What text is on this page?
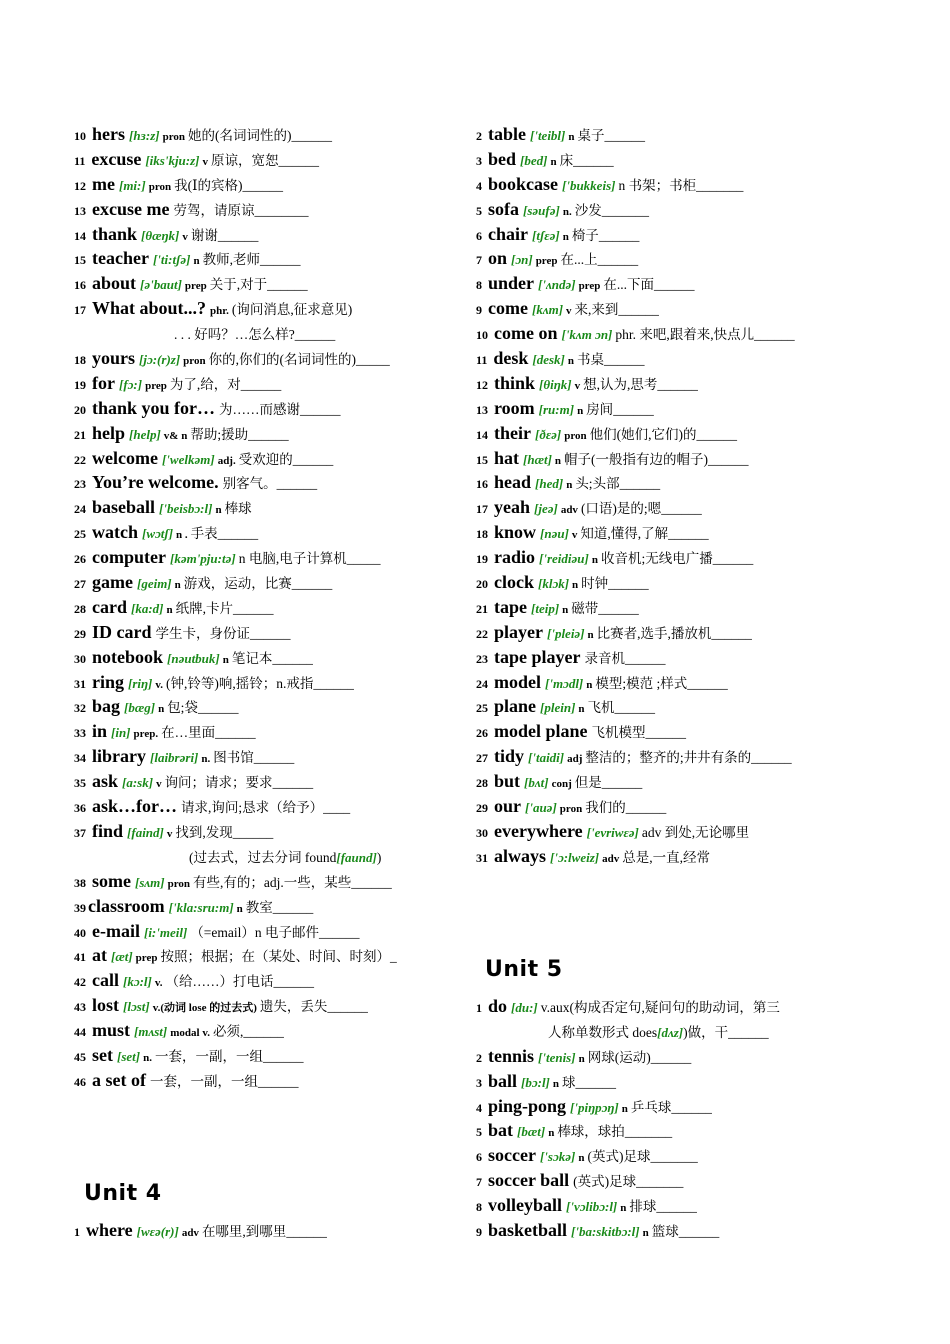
10 hers [hɜ:z] pron 她的(名词词性的) ______
11 excuse [iks'kju:z] v 原谅，宽恕 ______
12 me [mi:] pron 我(Ⅰ的宾格) ______
13 excuse me 劳驾，请原谅 ________
14 thank [θæŋk] v 谢谢 ______
15 teacher ['ti:tʃə] n 教师,老师 ______
16 about [ə'baut] prep 关于,对于 ______
17 What about...? phr. (询问消息,征求意见)
. . . 好吗？…怎么样? ______
18 yours [jɔ:(r)z] pron 你的,你们的(名词词性的) _____
19 for [fɔ:] prep 为了,给，对 ______
20 thank you for… 为……而感谢 ______
21 help [help] v& n 帮助;援助 ______
22 welcome ['welkəm] adj. 受欢迎的 ______
23 You’re welcome. 别客气。 ______
24 baseball ['beisbɔ:l] n 棒球
25 watch [wɔtʃ] n . 手表 ______
26 computer [kəm'pju:tə] n 电脑,电子计算机 _____
27 game [geim] n 游戏，运动，比赛 ______
28 card [kɑ:d] n 纸牌,卡片 ______
29 ID card 学生卡，身份证 ______
30 notebook [nəutbuk] n 笔记本 ______
31 ring [riŋ] v. (钟,铃等)响,摇铃；n.戒指 ______
32 bag [bæg] n 包;袋 ______
33 in [in] prep. 在…里面 ______
34 library [laibrəri] n. 图书馆 ______
35 ask [ɑ:sk] v 询问；请求；要求 ______
36 ask…for… 请求,询问;恳求（给予） ____
37 find [faind] v 找到,发现 ______
(过去式，过去分词 found [faund] )
38 some [sʌm] pron 有些,有的；adj.一些，某些 ______
39 classroom ['klɑ:sru:m] n 教室 ______
40 e-mail [i:'meil] （=email）n 电子邮件 ______
41 at [æt] prep 按照；根据；在（某处、时间、时刻） _
42 call [kɔ:l] v. （给……）打电话 ______
43 lost [lɔst] v.(动词 lose 的过去式) 遗失，丢失 ______
44 must [mʌst] modal v. 必须, ______
45 set [set] n. 一套，一副，一组 ______
46 a set of 一套，一副，一组 ______
Unit 4
1 where [wεə(r)] adv 在哪里,到哪里 ______
2 table ['teibl] n 桌子 ______
3 bed [bed] n 床 ______
4 bookcase ['bukkeis] n 书架；书柜 _______
5 sofa [səufə] n. 沙发 _______
6 chair [tʃεə] n 椅子 ______
7 on [ɔn] prep 在...上 ______
8 under ['ʌndə] prep 在...下面 ______
9 come [kʌm] v 来,来到 ______
10 come on ['kʌm ɔn] phr. 来吧,跟着来,快点儿 ______
11 desk [desk] n 书桌 ______
12 think [θiŋk] v 想,认为,思考 ______
13 room [ru:m] n 房间 ______
14 their [ðεə] pron 他们(她们,它们)的 ______
15 hat [hæt] n 帽子(一般指有边的帽子) ______
16 head [hed] n 头;头部 ______
17 yeah [jeə] adv (口语)是的;嗯 ______
18 know [nəu] v 知道,懂得,了解 ______
19 radio ['reidiəu] n 收音机;无线电广播 ______
20 clock [klɔk] n 时钟 ______
21 tape [teip] n 磁带 ______
22 player ['pleiə] n 比赛者,选手,播放机 ______
23 tape player 录音机 ______
24 model ['mɔdl] n 模型;模范 ;样式 ______
25 plane [plein] n 飞机 ______
26 model plane 飞机模型 ______
27 tidy ['taidi] adj 整洁的；整齐的;井井有条的 ______
28 but [bʌt] conj 但是 ______
29 our ['auə] pron 我们的 ______
30 everywhere ['evriwεə] adv 到处,无论哪里
31 always ['ɔ:lweiz] adv 总是,一直,经常
Unit 5
1 do [du:] v.aux(构成否定句,疑问句的助动词，第三
人称单数形式 does [dʌz] )做，干 ______
2 tennis ['tenis] n 网球(运动) ______
3 ball [bɔ:l] n 球 ______
4 ping-pong ['piŋpɔŋ] n 乒乓球 ______
5 bat [bæt] n 棒球，球拍 _______
6 soccer ['sɔkə] n (英式)足球 _______
7 soccer ball (英式)足球 _______
8 volleyball ['vɔlibɔ:l] n 排球 ______
9 basketball ['ba:skitbɔ:l] n 篮球 ______
